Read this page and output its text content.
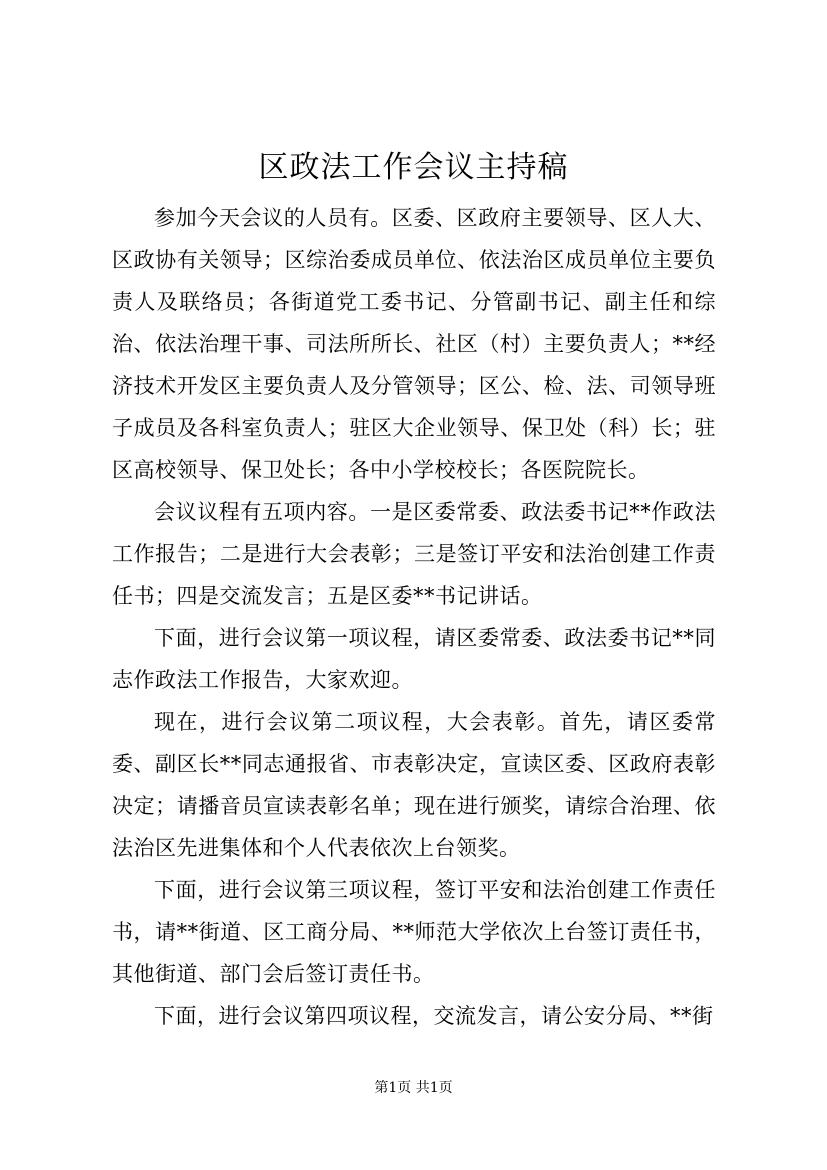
区政法工作会议主持稿

参加今天会议的人员有。区委、区政府主要领导、区人大、区政协有关领导；区综治委成员单位、依法治区成员单位主要负责人及联络员；各街道党工委书记、分管副书记、副主任和综治、依法治理干事、司法所所长、社区（村）主要负责人；**经济技术开发区主要负责人及分管领导；区公、检、法、司领导班子成员及各科室负责人；驻区大企业领导、保卫处（科）长；驻区高校领导、保卫处长；各中小学校校长；各医院院长。

会议议程有五项内容。一是区委常委、政法委书记**作政法工作报告；二是进行大会表彰；三是签订平安和法治创建工作责任书；四是交流发言；五是区委**书记讲话。

下面，进行会议第一项议程，请区委常委、政法委书记**同志作政法工作报告，大家欢迎。

现在，进行会议第二项议程，大会表彰。首先，请区委常委、副区长**同志通报省、市表彰决定，宣读区委、区政府表彰决定；请播音员宣读表彰名单；现在进行颁奖，请综合治理、依法治区先进集体和个人代表依次上台领奖。

下面，进行会议第三项议程，签订平安和法治创建工作责任书，请**街道、区工商分局、**师范大学依次上台签订责任书，其他街道、部门会后签订责任书。

下面，进行会议第四项议程，交流发言，请公安分局、**街

第1页 共1页
